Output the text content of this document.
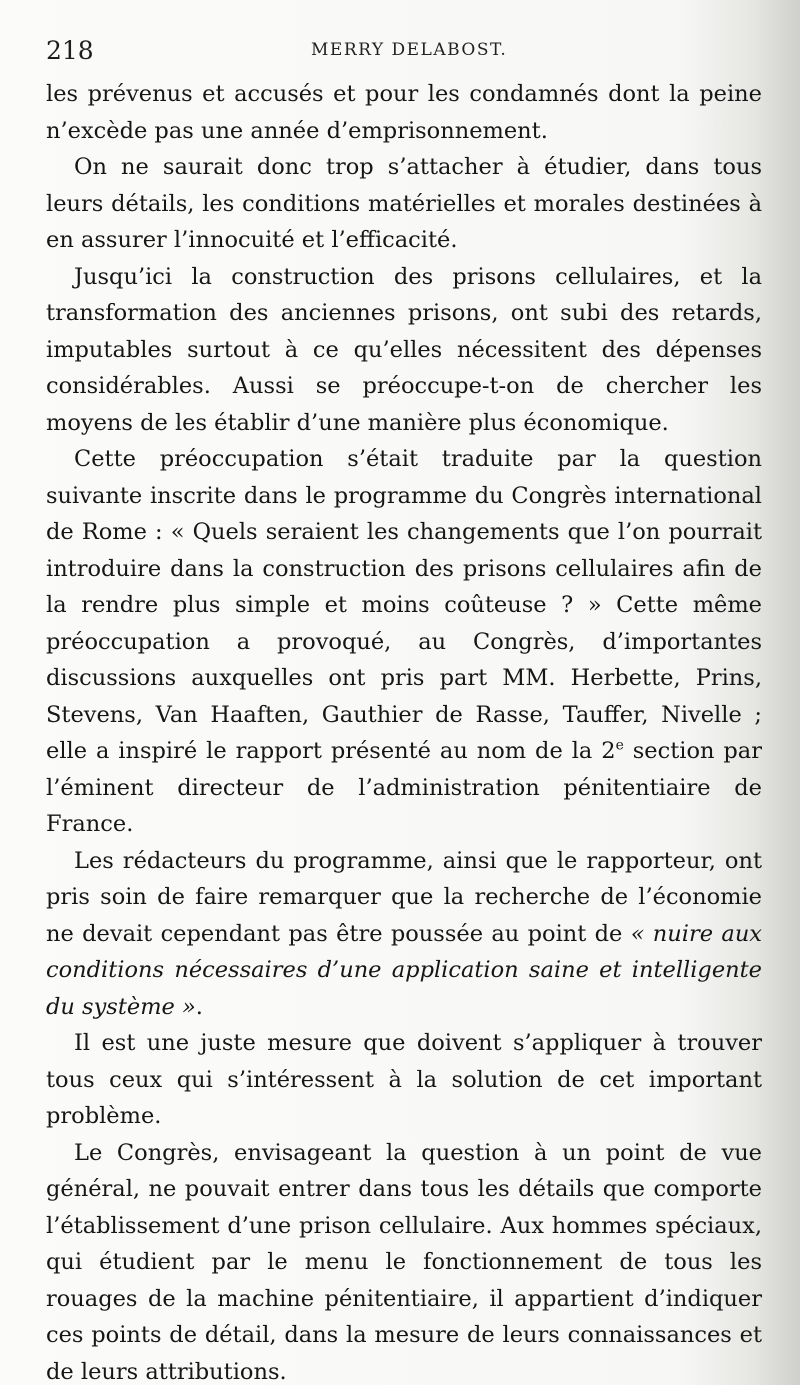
218	MERRY DELABOST.

les prévenus et accusés et pour les condamnés dont la peine n’excède pas une année d’emprisonnement.

On ne saurait donc trop s’attacher à étudier, dans tous leurs détails, les conditions matérielles et morales destinées à en assurer l’innocuité et l’efficacité.

Jusqu’ici la construction des prisons cellulaires, et la transformation des anciennes prisons, ont subi des retards, imputables surtout à ce qu’elles nécessitent des dépenses considérables. Aussi se préoccupe-t-on de chercher les moyens de les établir d’une manière plus économique.

Cette préoccupation s’était traduite par la question suivante inscrite dans le programme du Congrès international de Rome : « Quels seraient les changements que l’on pourrait introduire dans la construction des prisons cellulaires afin de la rendre plus simple et moins coûteuse ? » Cette même préoccupation a provoqué, au Congrès, d’importantes discussions auxquelles ont pris part MM. Herbette, Prins, Stevens, Van Haaften, Gauthier de Rasse, Tauffer, Nivelle ; elle a inspiré le rapport présenté au nom de la 2e section par l’éminent directeur de l’administration pénitentiaire de France.

Les rédacteurs du programme, ainsi que le rapporteur, ont pris soin de faire remarquer que la recherche de l’économie ne devait cependant pas être poussée au point de « nuire aux conditions nécessaires d’une application saine et intelligente du système ».

Il est une juste mesure que doivent s’appliquer à trouver tous ceux qui s’intéressent à la solution de cet important problème.

Le Congrès, envisageant la question à un point de vue général, ne pouvait entrer dans tous les détails que comporte l’établissement d’une prison cellulaire. Aux hommes spéciaux, qui étudient par le menu le fonctionnement de tous les rouages de la machine pénitentiaire, il appartient d’indiquer ces points de détail, dans la mesure de leurs connaissances et de leurs attributions.
